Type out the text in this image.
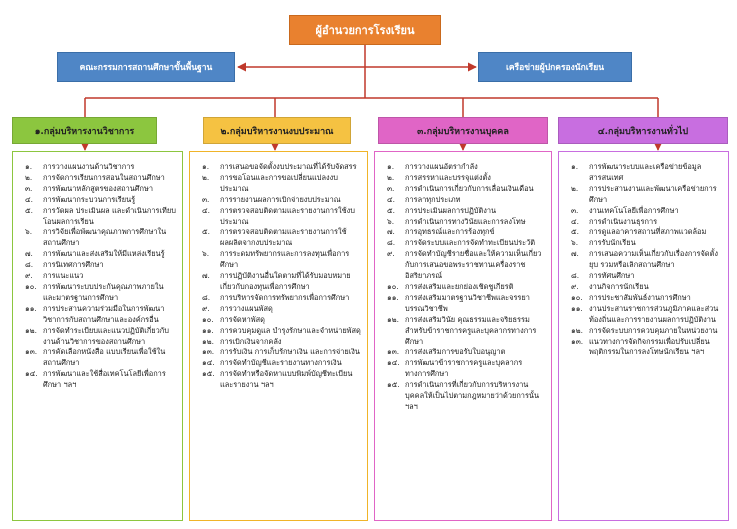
ผู้อำนวยการโรงเรียน
คณะกรรมการสถานศึกษาขั้นพื้นฐาน	เครือข่ายผู้ปกครองนักเรียน
๑.กลุ่มบริหารงานวิชาการ	๒.กลุ่มบริหารงานงบประมาณ	๓.กลุ่มบริหารงานบุคคล	๔.กลุ่มบริหารงานทั่วไป
๑.	การวางแผนงานด้านวิชาการ
๒.	การจัดการเรียนการสอนในสถานศึกษา
๓.	การพัฒนาหลักสูตรของสถานศึกษา
๔.	การพัฒนากระบวนการเรียนรู้
๕.	การวัดผล ประเมินผล และดำเนินการเทียบโอนผลการเรียน
๖.	การวิจัยเพื่อพัฒนาคุณภาพการศึกษาในสถานศึกษา
๗.	การพัฒนาและส่งเสริมให้มีแหล่งเรียนรู้
๘.	การนิเทศการศึกษา
๙.	การแนะแนว
๑๐. การพัฒนาระบบประกันคุณภาพภายในและมาตรฐานการศึกษา
๑๑. การประสานความร่วมมือในการพัฒนาวิชาการกับสถานศึกษาและองค์กรอื่น
๑๒. การจัดทำระเบียบและแนวปฏิบัติเกี่ยวกับงานด้านวิชาการของสถานศึกษา
๑๓. การคัดเลือกหนังสือ แบบเรียนเพื่อใช้ในสถานศึกษา
๑๔. การพัฒนาและใช้สื่อเทคโนโลยีเพื่อการศึกษา ฯลฯ
๑.	การเสนอขอจัดตั้งงบประมาณที่ได้รับจัดสรร
๒.	การขอโอนและการขอเปลี่ยนแปลงงบประมาณ
๓.	การรายงานผลการเบิกจ่ายงบประมาณ
๔.	การตรวจสอบติดตามและรายงานการใช้งบประมาณ
๕.	การตรวจสอบติดตามและรายงานการใช้ผลผลิตจากงบประมาณ
๖.	การระดมทรัพยากรและการลงทุนเพื่อการศึกษา
๗.	การปฏิบัติงานอื่นใดตามที่ได้รับมอบหมายเกี่ยวกับกองทุนเพื่อการศึกษา
๘.	การบริหารจัดการทรัพยากรเพื่อการศึกษา
๙.	การวางแผนพัสดุ
๑๐. การจัดหาพัสดุ
๑๑. การควบคุมดูแล บำรุงรักษาและจำหน่ายพัสดุ
๑๒. การเบิกเงินจากคลัง
๑๓. การรับเงิน การเก็บรักษาเงิน และการจ่ายเงิน
๑๔. การจัดทำบัญชีและรายงานทางการเงิน
๑๕. การจัดทำหรือจัดหาแบบพิมพ์บัญชีทะเบียน และรายงาน ฯลฯ
๑.	การวางแผนอัตรากำลัง
๒.	การสรรหาและบรรจุแต่งตั้ง
๓.	การดำเนินการเกี่ยวกับการเลื่อนเงินเดือน
๔.	การลาทุกประเภท
๕.	การประเมินผลการปฏิบัติงาน
๖.	การดำเนินการทางวินัยและการลงโทษ
๗.	การอุทธรณ์และการร้องทุกข์
๘.	การจัดระบบและการจัดทำทะเบียนประวัติ
๙.	การจัดทำบัญชีรายชื่อและให้ความเห็นเกี่ยวกับการเสนอขอพระราชทานเครื่องราชอิสริยาภรณ์
๑๐. การส่งเสริมและยกย่องเชิดชูเกียรติ
๑๑. การส่งเสริมมาตรฐานวิชาชีพและจรรยาบรรณวิชาชีพ
๑๒. การส่งเสริมวินัย คุณธรรมและจริยธรรมสำหรับข้าราชการครูและบุคลากรทางการศึกษา
๑๓. การส่งเสริมการขอรับใบอนุญาต
๑๔. การพัฒนาข้าราชการครูและบุคลากรทางการศึกษา
๑๕. การดำเนินการที่เกี่ยวกับการบริหารงานบุคคลให้เป็นไปตามกฎหมายว่าด้วยการนั้น ฯลฯ
๑.	การพัฒนาระบบและเครือข่ายข้อมูลสารสนเทศ
๒.	การประสานงานและพัฒนาเครือข่ายการศึกษา
๓.	งานเทคโนโลยีเพื่อการศึกษา
๔.	การดำเนินงานธุรการ
๕.	การดูแลอาคารสถานที่สภาพแวดล้อม
๖.	การรับนักเรียน
๗.	การเสนอความเห็นเกี่ยวกับเรื่องการจัดตั้ง ยุบ รวมหรือเลิกสถานศึกษา
๘.	การทัศนศึกษา
๙.	งานกิจการนักเรียน
๑๐. การประชาสัมพันธ์งานการศึกษา
๑๑. งานประสานราชการส่วนภูมิภาคและส่วนท้องถิ่นและการรายงานผลการปฏิบัติงาน
๑๒. การจัดระบบการควบคุมภายในหน่วยงาน
๑๓. แนวทางการจัดกิจกรรมเพื่อปรับเปลี่ยนพฤติกรรมในการลงโทษนักเรียน ฯลฯ
